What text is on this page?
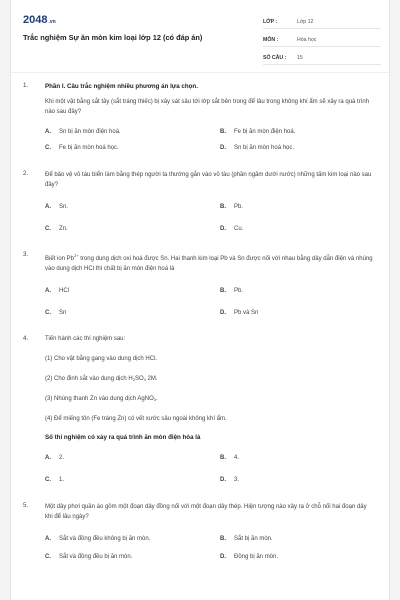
2048.vn
Trắc nghiệm Sự ăn mòn kim loại lớp 12 (có đáp án)
LỚP :	Lớp 12
MÔN :	Hóa học
SỐ CÂU :	15
1.	Phần I. Câu trắc nghiệm nhiều phương án lựa chọn.
Khi một vật bằng sắt tây (sắt tráng thiếc) bị xây sát sâu tới lớp sắt bên trong để lâu trong không khí ẩm sẽ xảy ra quá trình nào sau đây?
A. Sn bị ăn mòn điện hoá.	B. Fe bị ăn mòn điện hoá.
C. Fe bị ăn mòn hoá học.	D. Sn bị ăn mòn hoá học.
2.	Để bảo vệ vỏ tàu biển làm bằng thép người ta thường gắn vào vỏ tàu (phần ngâm dưới nước) những tấm kim loại nào sau đây?
A. Sn.	B. Pb.
C. Zn.	D. Cu.
3.
Biết ion $Pb^{2+}$ trong dung dịch oxi hoá được Sn. Hai thanh kim loại Pb và Sn được nối với nhau bằng dây dẫn điện và nhúng vào dung dịch HCl thì chất bị ăn mòn điện hoá là
A. HCl	B. Pb.
C. Sn	D. Pb và Sn
4.	Tiến hành các thí nghiệm sau:
(1) Cho vật bằng gang vào dung dịch HCl.
(2) Cho đinh sắt vào dung dịch $H_2SO_4$ 2M.
(3) Nhúng thanh Zn vào dung dịch AgNO$_3$.
(4) Để miếng tôn (Fe tráng Zn) có vết xước sâu ngoài không khí ẩm.
Số thí nghiệm có xảy ra quá trình ăn mòn điện hóa là
A. 2.	B. 4.
C. 1.	D. 3.
5.	Một dây phơi quần áo gồm một đoạn dây đồng nối với một đoạn dây thép. Hiện tượng nào xảy ra ở chỗ nối hai đoạn dây khi để lâu ngày?
A. Sắt và đồng đều không bị ăn mòn.	B. Sắt bị ăn mòn.
C. Sắt và đồng đều bị ăn mòn.	D. Đồng bị ăn mòn.
